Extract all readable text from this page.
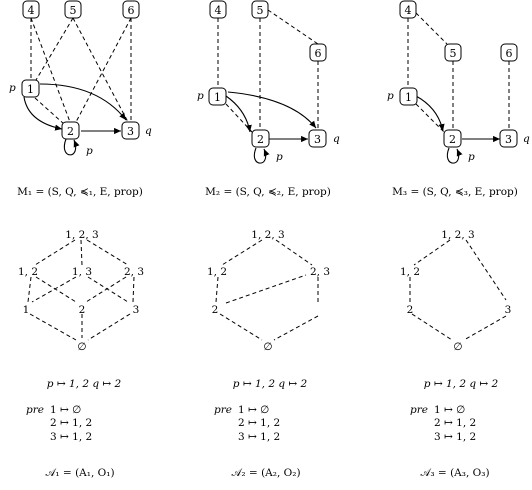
4	5	6
1
2	3
p
p
q
M₁ = (S, Q, ≼₁, E, prop)
4	5
6
1
2	3
p
p
q
M₂ = (S, Q, ≼₂, E, prop)
4
5	6
1
2	3
p
p
q
M₃ = (S, Q, ≼₃, E, prop)
1, 2, 3
1, 2	1, 3	2, 3
1	2	3
∅
1, 2, 3
1, 2	2, 3
2
∅
1, 2, 3
1, 2
2	3
∅
p ↦ 1, 2 q ↦ 2	p ↦ 1, 2 q ↦ 2	p ↦ 1, 2 q ↦ 2
pre 1 ↦ ∅
2 ↦ 1, 2
3 ↦ 1, 2
pre 1 ↦ ∅
2 ↦ 1, 2
3 ↦ 1, 2
pre 1 ↦ ∅
2 ↦ 1, 2
3 ↦ 1, 2
𝒜₁ = (A₁, O₁)	𝒜₂ = (A₂, O₂)	𝒜₃ = (A₃, O₃)
